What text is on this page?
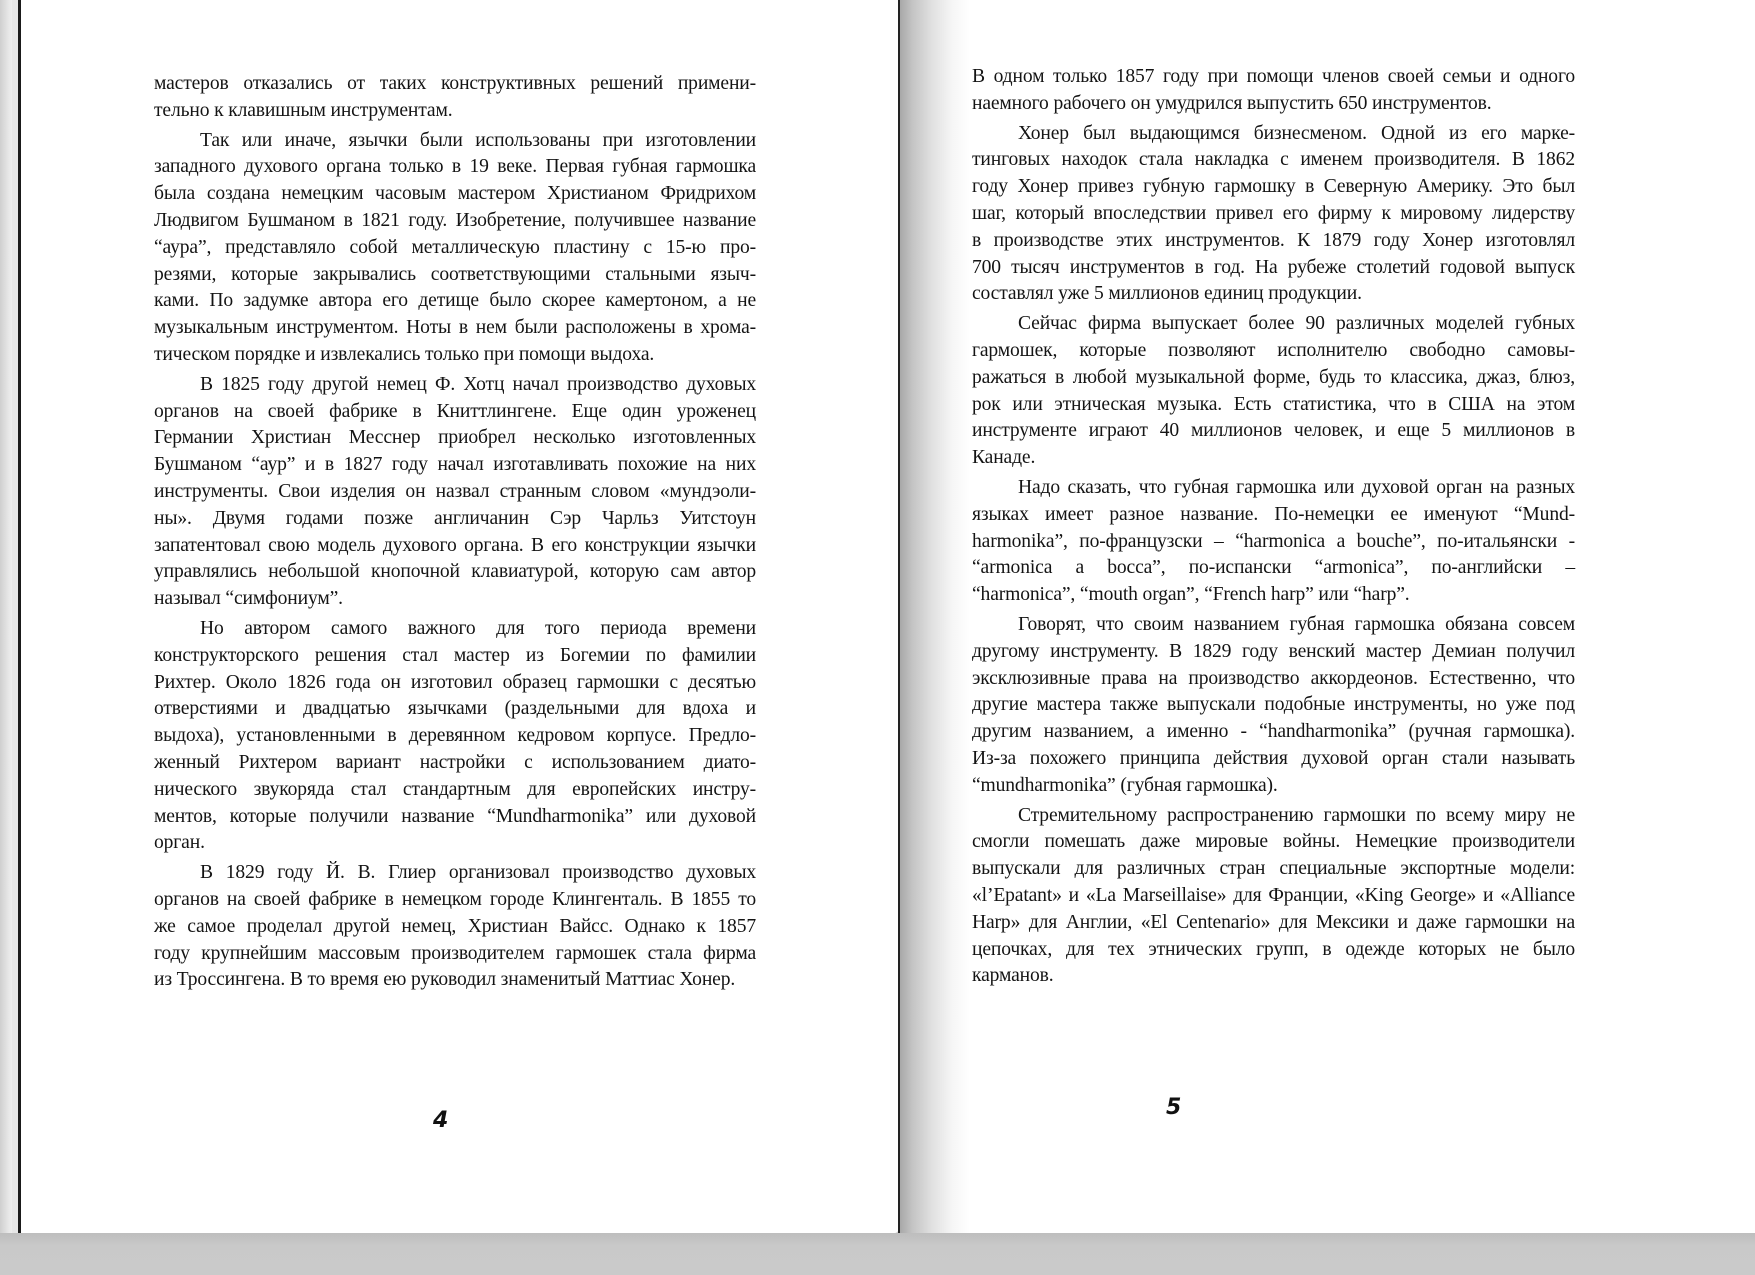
мастеров отказались от таких конструктивных решений примени-
тельно к клавишным инструментам.
Так или иначе, язычки были использованы при изготовлении
западного духового органа только в 19 веке. Первая губная гармошка
была создана немецким часовым мастером Христианом Фридрихом
Людвигом Бушманом в 1821 году. Изобретение, получившее название
“аура”, представляло собой металлическую пластину с 15-ю про-
резями, которые закрывались соответствующими стальными языч-
ками. По задумке автора его детище было скорее камертоном, а не
музыкальным инструментом. Ноты в нем были расположены в хрома-
тическом порядке и извлекались только при помощи выдоха.
В 1825 году другой немец Ф. Хотц начал производство духовых
органов на своей фабрике в Книттлингене. Еще один уроженец
Германии Христиан Месснер приобрел несколько изготовленных
Бушманом “аур” и в 1827 году начал изготавливать похожие на них
инструменты. Свои изделия он назвал странным словом «мундэоли-
ны». Двумя годами позже англичанин Сэр Чарльз Уитстоун
запатентовал свою модель духового органа. В его конструкции язычки
управлялись небольшой кнопочной клавиатурой, которую сам автор
называл “симфониум”.
Но автором самого важного для того периода времени
конструкторского решения стал мастер из Богемии по фамилии
Рихтер. Около 1826 года он изготовил образец гармошки с десятью
отверстиями и двадцатью язычками (раздельными для вдоха и
выдоха), установленными в деревянном кедровом корпусе. Предло-
женный Рихтером вариант настройки с использованием диато-
нического звукоряда стал стандартным для европейских инстру-
ментов, которые получили название “Mundharmonika” или духовой
орган.
В 1829 году Й. В. Глиер организовал производство духовых
органов на своей фабрике в немецком городе Клингенталь. В 1855 то
же самое проделал другой немец, Христиан Вайсс. Однако к 1857
году крупнейшим массовым производителем гармошек стала фирма
из Троссингена. В то время ею руководил знаменитый Маттиас Хонер.
4
В одном только 1857 году при помощи членов своей семьи и одного
наемного рабочего он умудрился выпустить 650 инструментов.
Хонер был выдающимся бизнесменом. Одной из его марке-
тинговых находок стала накладка с именем производителя. В 1862
году Хонер привез губную гармошку в Северную Америку. Это был
шаг, который впоследствии привел его фирму к мировому лидерству
в производстве этих инструментов. К 1879 году Хонер изготовлял
700 тысяч инструментов в год. На рубеже столетий годовой выпуск
составлял уже 5 миллионов единиц продукции.
Сейчас фирма выпускает более 90 различных моделей губных
гармошек, которые позволяют исполнителю свободно самовы-
ражаться в любой музыкальной форме, будь то классика, джаз, блюз,
рок или этническая музыка. Есть статистика, что в США на этом
инструменте играют 40 миллионов человек, и еще 5 миллионов в
Канаде.
Надо сказать, что губная гармошка или духовой орган на разных
языках имеет разное название. По-немецки ее именуют “Mund-
harmonika”, по-французски – “harmonica a bouche”, по-итальянски -
“armonica a bocca”, по-испански “armonica”, по-английски –
“harmonica”, “mouth organ”, “French harp” или “harp”.
Говорят, что своим названием губная гармошка обязана совсем
другому инструменту. В 1829 году венский мастер Демиан получил
эксклюзивные права на производство аккордеонов. Естественно, что
другие мастера также выпускали подобные инструменты, но уже под
другим названием, а именно - “handharmonika” (ручная гармошка).
Из-за похожего принципа действия духовой орган стали называть
“mundharmonika” (губная гармошка).
Стремительному распространению гармошки по всему миру не
смогли помешать даже мировые войны. Немецкие производители
выпускали для различных стран специальные экспортные модели:
«l’Epatant» и «La Marseillaise» для Франции, «King George» и «Alliance
Harp» для Англии, «El Centenario» для Мексики и даже гармошки на
цепочках, для тех этнических групп, в одежде которых не было
карманов.
5
